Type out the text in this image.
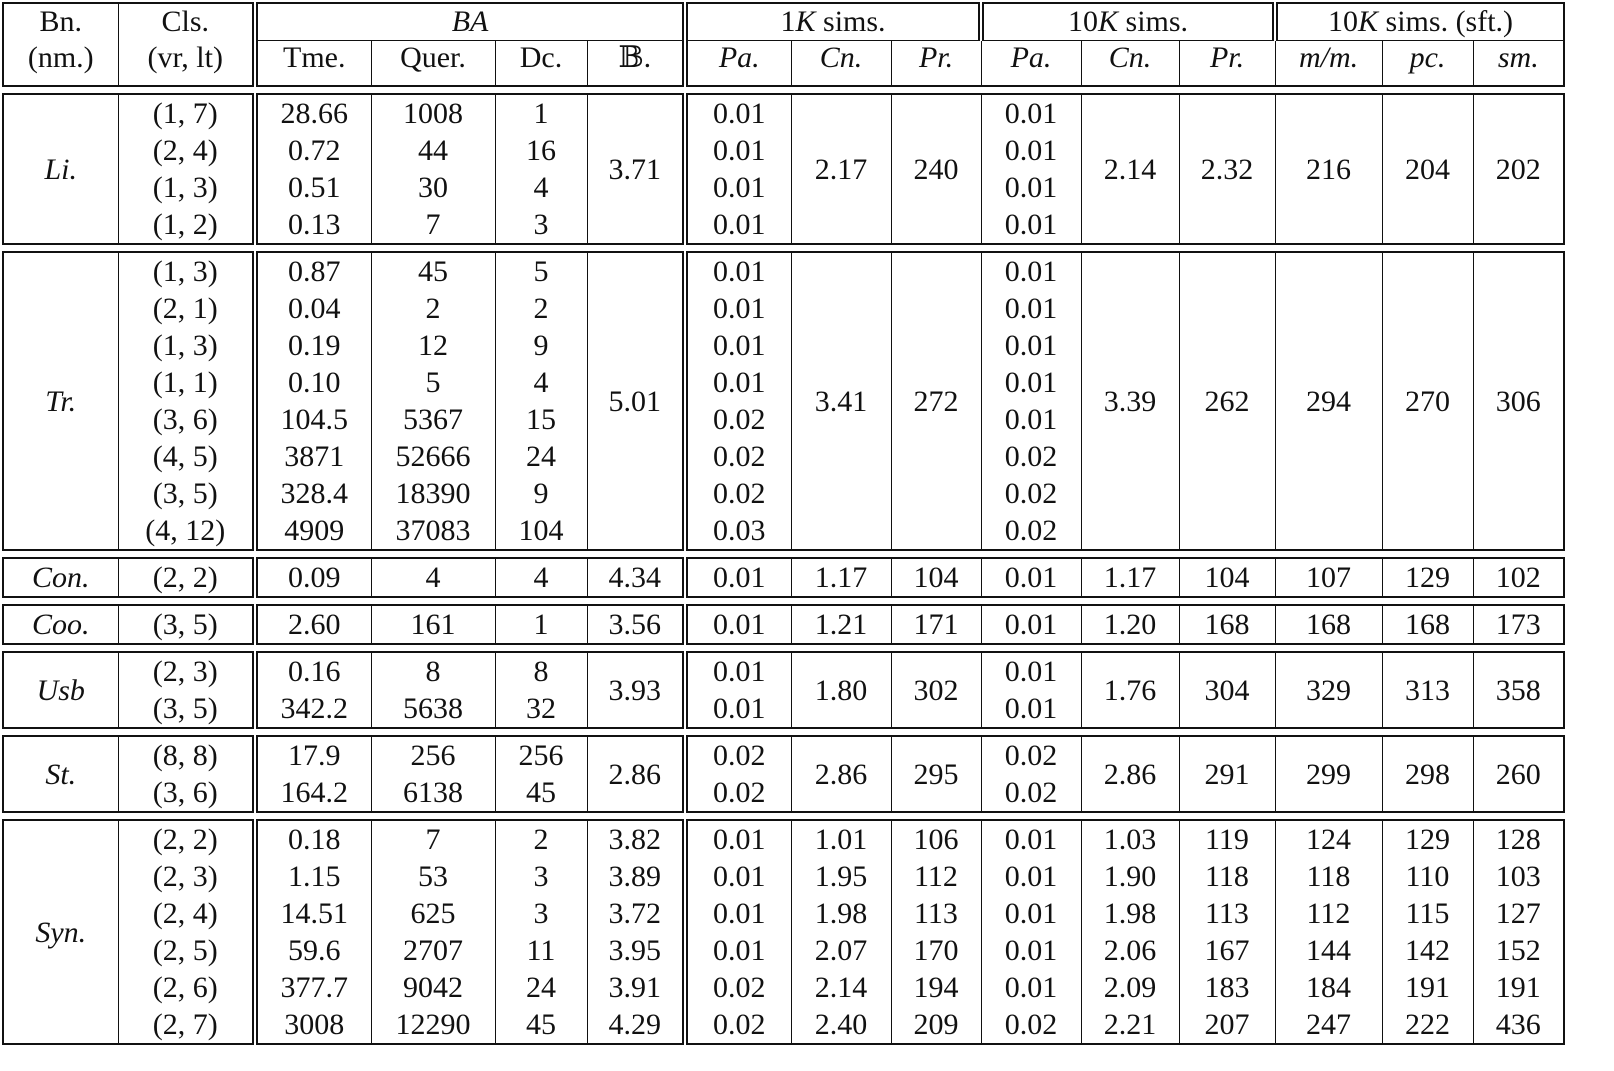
Bn.	Cls.	BA				1K sims.			10K sims.			10K sims. (sft.)		
(nm.)	(vr, lt)	Tme.	Quer.	Dc.	𝔹.	Pa.	Cn.	Pr.	Pa.	Cn.	Pr.	m/m.	pc.	sm.
Li.	(1, 7)	28.66	1008	1	3.71	0.01	2.17	240	0.01	2.14	2.32	216	204	202
	(2, 4)	0.72	44	16		0.01			0.01					
	(1, 3)	0.51	30	4		0.01			0.01					
	(1, 2)	0.13	7	3		0.01			0.01					
Tr.	(1, 3)	0.87	45	5	5.01	0.01	3.41	272	0.01	3.39	262	294	270	306
	(2, 1)	0.04	2	2		0.01			0.01					
	(1, 3)	0.19	12	9		0.01			0.01					
	(1, 1)	0.10	5	4		0.01			0.01					
	(3, 6)	104.5	5367	15		0.02			0.01					
	(4, 5)	3871	52666	24		0.02			0.02					
	(3, 5)	328.4	18390	9		0.02			0.02					
	(4, 12)	4909	37083	104		0.03			0.02					
Con.	(2, 2)	0.09	4	4	4.34	0.01	1.17	104	0.01	1.17	104	107	129	102
Coo.	(3, 5)	2.60	161	1	3.56	0.01	1.21	171	0.01	1.20	168	168	168	173
Usb	(2, 3)	0.16	8	8	3.93	0.01	1.80	302	0.01	1.76	304	329	313	358
	(3, 5)	342.2	5638	32		0.01			0.01					
St.	(8, 8)	17.9	256	256	2.86	0.02	2.86	295	0.02	2.86	291	299	298	260
	(3, 6)	164.2	6138	45		0.02			0.02					
Syn.	(2, 2)	0.18	7	2	3.82	0.01	1.01	106	0.01	1.03	119	124	129	128
	(2, 3)	1.15	53	3	3.89	0.01	1.95	112	0.01	1.90	118	118	110	103
	(2, 4)	14.51	625	3	3.72	0.01	1.98	113	0.01	1.98	113	112	115	127
	(2, 5)	59.6	2707	11	3.95	0.01	2.07	170	0.01	2.06	167	144	142	152
	(2, 6)	377.7	9042	24	3.91	0.02	2.14	194	0.01	2.09	183	184	191	191
	(2, 7)	3008	12290	45	4.29	0.02	2.40	209	0.02	2.21	207	247	222	436
